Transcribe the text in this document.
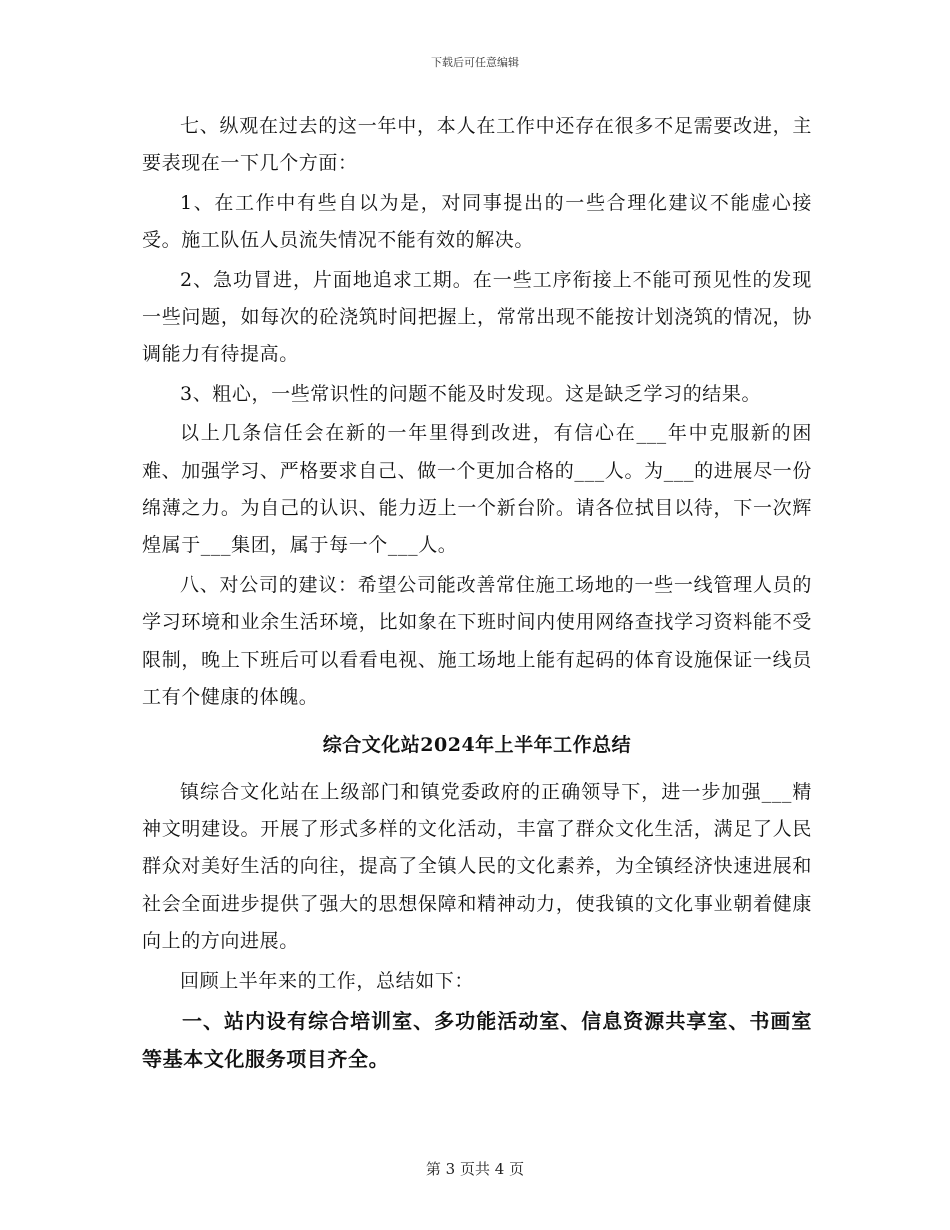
下载后可任意编辑

七、纵观在过去的这一年中，本人在工作中还存在很多不足需要改进，主要表现在一下几个方面：

1、在工作中有些自以为是，对同事提出的一些合理化建议不能虚心接受。施工队伍人员流失情况不能有效的解决。

2、急功冒进，片面地追求工期。在一些工序衔接上不能可预见性的发现一些问题，如每次的砼浇筑时间把握上，常常出现不能按计划浇筑的情况，协调能力有待提高。

3、粗心，一些常识性的问题不能及时发现。这是缺乏学习的结果。

以上几条信任会在新的一年里得到改进，有信心在___年中克服新的困难、加强学习、严格要求自己、做一个更加合格的___人。为___的进展尽一份绵薄之力。为自己的认识、能力迈上一个新台阶。请各位拭目以待，下一次辉煌属于___集团，属于每一个___人。

八、对公司的建议：希望公司能改善常住施工场地的一些一线管理人员的学习环境和业余生活环境，比如象在下班时间内使用网络查找学习资料能不受限制，晚上下班后可以看看电视、施工场地上能有起码的体育设施保证一线员工有个健康的体魄。

综合文化站2024年上半年工作总结

镇综合文化站在上级部门和镇党委政府的正确领导下，进一步加强___精神文明建设。开展了形式多样的文化活动，丰富了群众文化生活，满足了人民群众对美好生活的向往，提高了全镇人民的文化素养，为全镇经济快速进展和社会全面进步提供了强大的思想保障和精神动力，使我镇的文化事业朝着健康向上的方向进展。

回顾上半年来的工作，总结如下：

一、站内设有综合培训室、多功能活动室、信息资源共享室、书画室等基本文化服务项目齐全。

第 3 页共 4 页
